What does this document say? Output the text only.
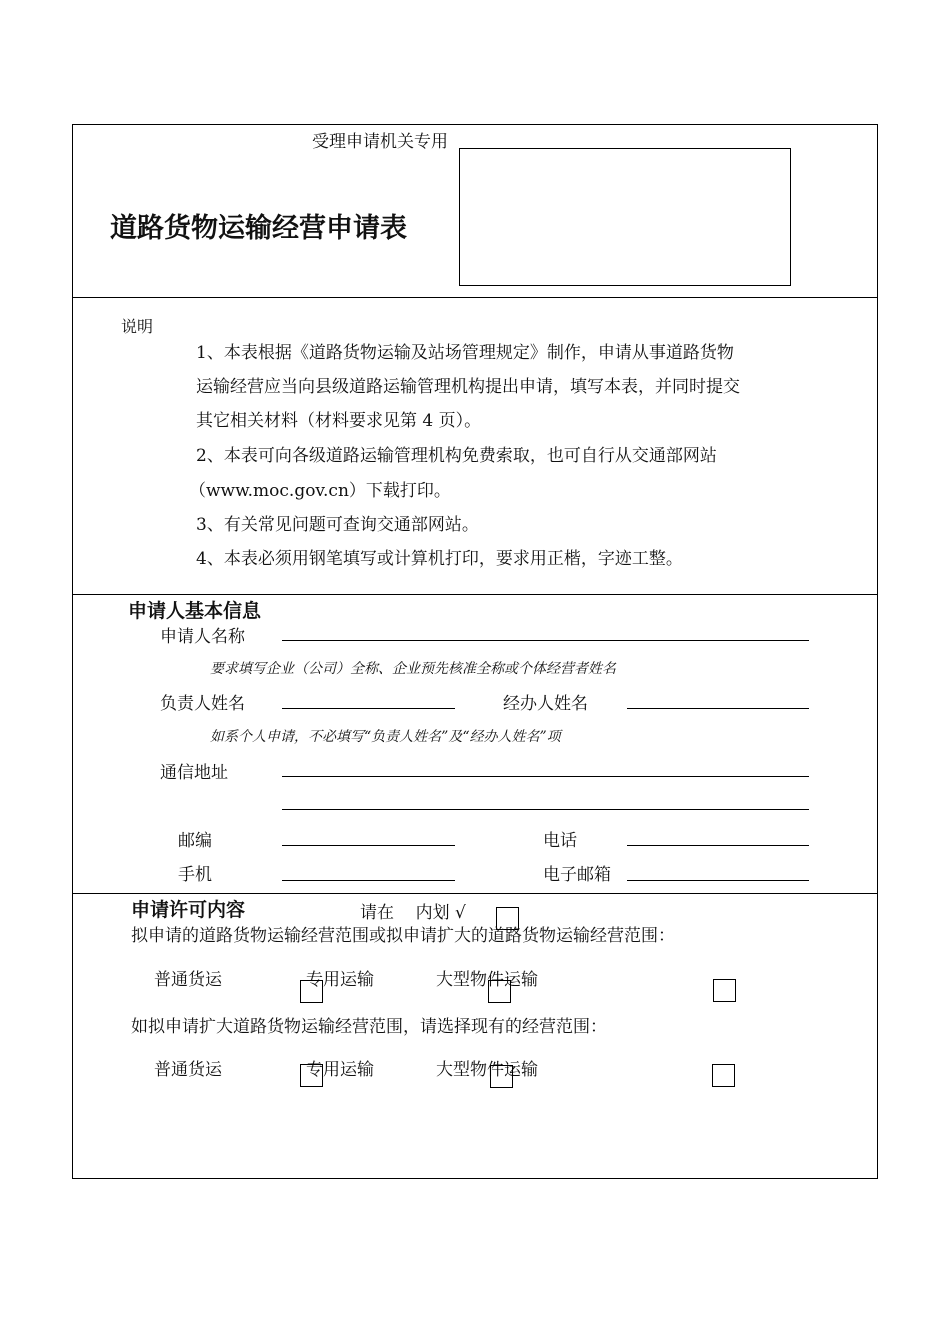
受理申请机关专用
道路货物运输经营申请表
说明
1、本表根据《道路货物运输及站场管理规定》制作，申请从事道路货物
运输经营应当向县级道路运输管理机构提出申请，填写本表，并同时提交
其它相关材料（材料要求见第 4 页）。
2、本表可向各级道路运输管理机构免费索取，也可自行从交通部网站
（www.moc.gov.cn）下载打印。
3、有关常见问题可查询交通部网站。
4、本表必须用钢笔填写或计算机打印，要求用正楷，字迹工整。
申请人基本信息
申请人名称
要求填写企业（公司）全称、企业预先核准全称或个体经营者姓名
负责人姓名	经办人姓名
如系个人申请，不必填写“负责人姓名”及“经办人姓名”项
通信地址
邮编	电话
手机	电子邮箱
申请许可内容	请在    内划 √
拟申请的道路货物运输经营范围或拟申请扩大的道路货物运输经营范围：
普通货运	专用运输	大型物件运输
如拟申请扩大道路货物运输经营范围，请选择现有的经营范围：
普通货运	专用运输	大型物件运输
